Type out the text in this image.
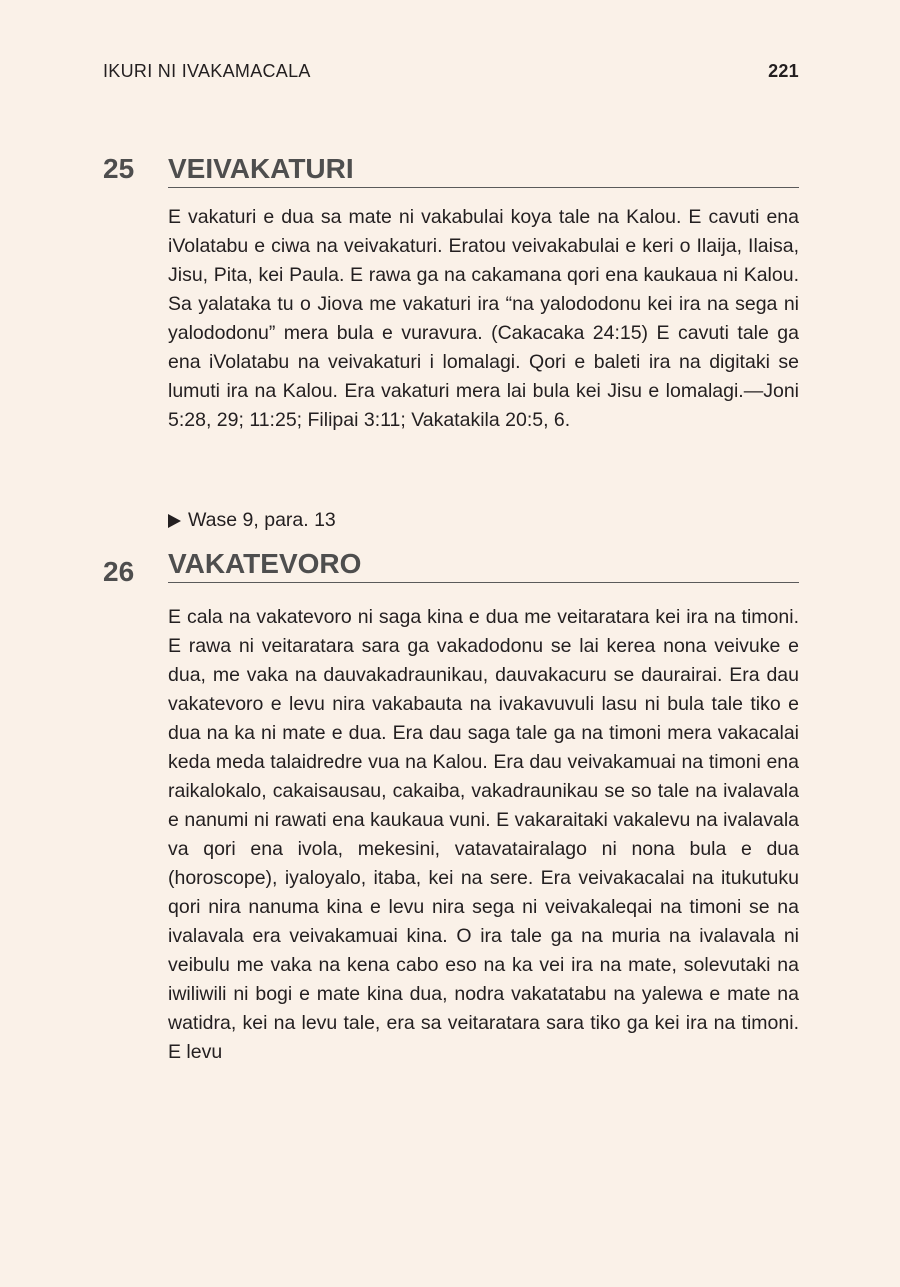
IKURI NI IVAKAMACALA	221
25 VEIVAKATURI

E vakaturi e dua sa mate ni vakabulai koya tale na Kalou. E cavuti ena iVolatabu e ciwa na veivakaturi. Eratou veivakabulai e keri o Ilaija, Ilaisa, Jisu, Pita, kei Paula. E rawa ga na cakamana qori ena kaukaua ni Kalou. Sa yalataka tu o Jiova me vakaturi ira “na yalododonu kei ira na sega ni yalododonu” mera bula e vuravura. (Cakacaka 24:15) E cavuti tale ga ena iVolatabu na veivakaturi i lomalagi. Qori e baleti ira na digitaki se lumuti ira na Kalou. Era vakaturi mera lai bula kei Jisu e lomalagi.—Joni 5:28, 29; 11:25; Filipai 3:11; Vakatakila 20:5, 6.

Wase 9, para. 13
26 VAKATEVORO

E cala na vakatevoro ni saga kina e dua me veitaratara kei ira na timoni. E rawa ni veitaratara sara ga vakadodonu se lai kerea nona veivuke e dua, me vaka na dauvakadraunikau, dauvakacuru se daurairai. Era dau vakatevoro e levu nira vakabauta na ivakavuvuli lasu ni bula tale tiko e dua na ka ni mate e dua. Era dau saga tale ga na timoni mera vakacalai keda meda talaidredre vua na Kalou. Era dau veivakamuai na timoni ena raikalokalo, cakaisausau, cakaiba, vakadraunikau se so tale na ivalavala e nanumi ni rawati ena kaukaua vuni. E vakaraitaki vakalevu na ivalavala va qori ena ivola, mekesini, vatavatairalago ni nona bula e dua (horoscope), iyaloyalo, itaba, kei na sere. Era veivakacalai na itukutuku qori nira nanuma kina e levu nira sega ni veivakaleqai na timoni se na ivalavala era veivakamuai kina. O ira tale ga na muria na ivalavala ni veibulu me vaka na kena cabo eso na ka vei ira na mate, solevutaki na iwiliwili ni bogi e mate kina dua, nodra vakatatabu na yalewa e mate na watidra, kei na levu tale, era sa veitaratara sara tiko ga kei ira na timoni. E levu
